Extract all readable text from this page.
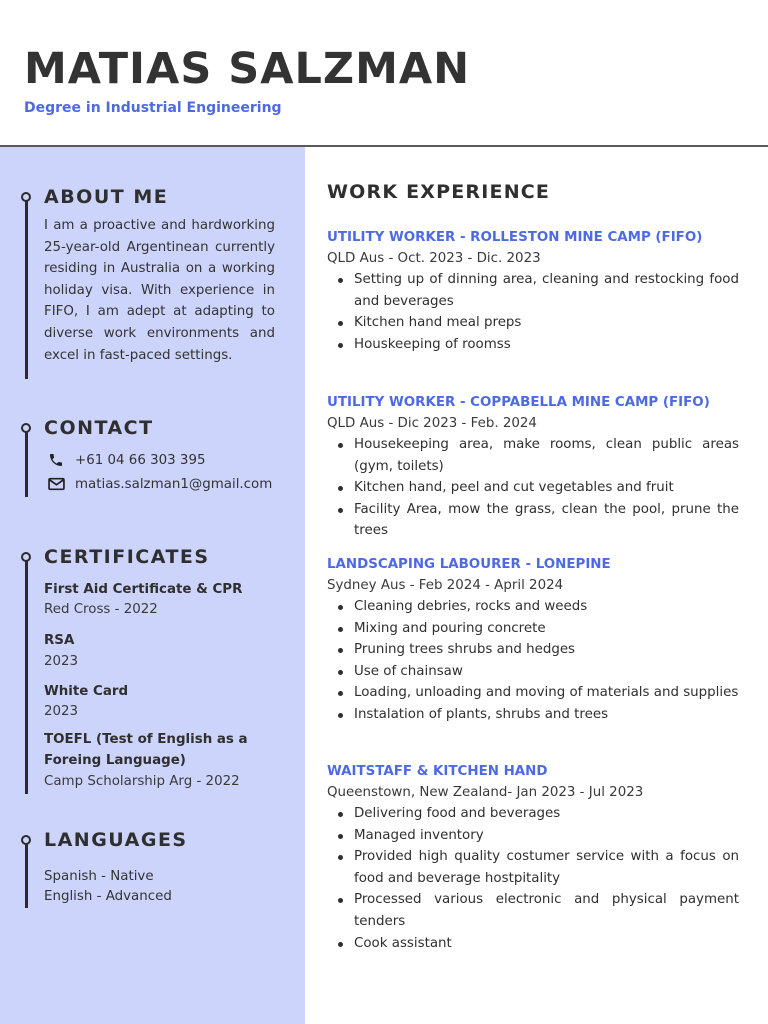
MATIAS SALZMAN
Degree in Industrial Engineering
ABOUT ME
I am a proactive and hardworking 25-year-old Argentinean currently residing in Australia on a working holiday visa. With experience in FIFO, I am adept at adapting to diverse work environments and excel in fast-paced settings.
CONTACT
+61 04 66 303 395
matias.salzman1@gmail.com
CERTIFICATES
First Aid Certificate & CPR
Red Cross - 2022
RSA
2023
White Card
2023
TOEFL (Test of English as a Foreing Language)
Camp Scholarship Arg - 2022
LANGUAGES
Spanish - Native
English - Advanced
WORK EXPERIENCE
UTILITY WORKER - ROLLESTON MINE CAMP (FIFO)
QLD Aus - Oct. 2023 - Dic. 2023
Setting up of dinning area, cleaning and restocking food and beverages
Kitchen hand meal preps
Houskeeping of roomss
UTILITY WORKER - COPPABELLA MINE CAMP (FIFO)
QLD Aus - Dic 2023 - Feb. 2024
Housekeeping area, make rooms, clean public areas (gym, toilets)
Kitchen hand, peel and cut vegetables and fruit
Facility Area, mow the grass, clean the pool, prune the trees
LANDSCAPING LABOURER - LONEPINE
Sydney Aus - Feb 2024 - April 2024
Cleaning debries, rocks and weeds
Mixing and pouring concrete
Pruning trees shrubs and hedges
Use of chainsaw
Loading, unloading and moving of materials and supplies
Instalation of plants, shrubs and trees
WAITSTAFF & KITCHEN HAND
Queenstown, New Zealand- Jan 2023 - Jul 2023
Delivering food and beverages
Managed inventory
Provided high quality costumer service with a focus on food and beverage hostpitality
Processed various electronic and physical payment tenders
Cook assistant
